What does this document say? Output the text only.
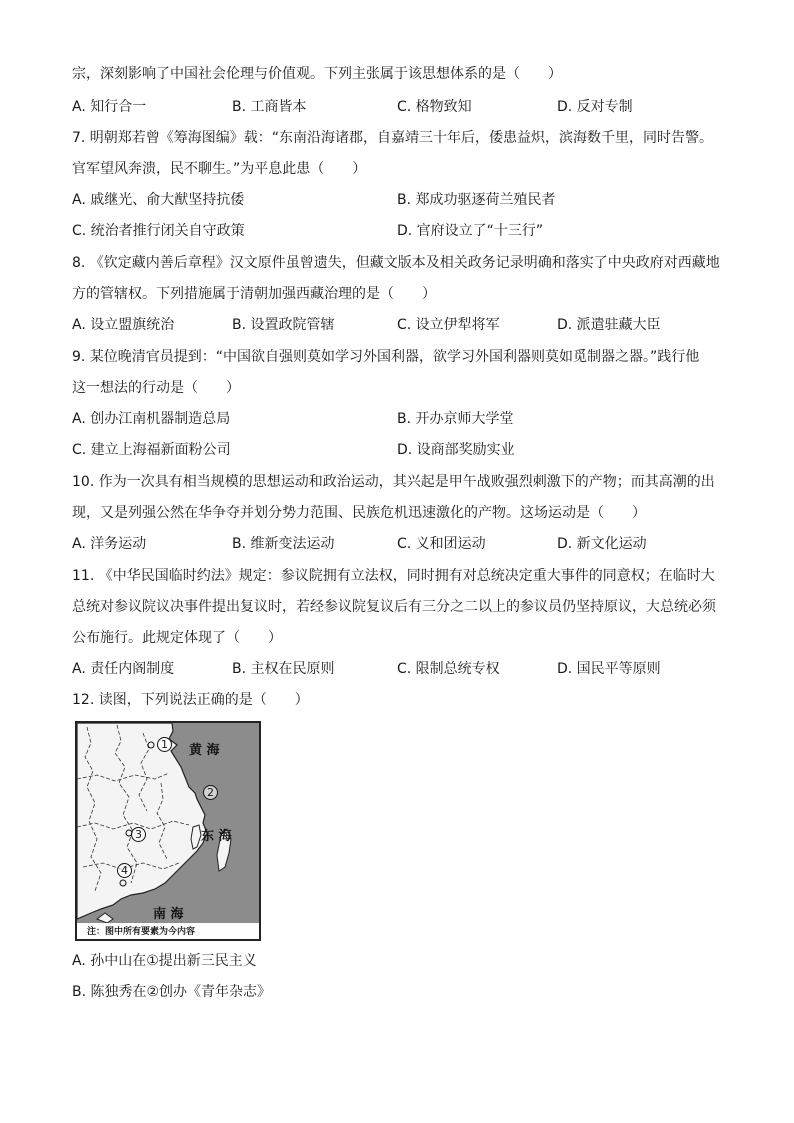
宗，深刻影响了中国社会伦理与价值观。下列主张属于该思想体系的是（　　）
A. 知行合一	B. 工商皆本	C. 格物致知	D. 反对专制
7. 明朝郑若曾《筹海图编》载：“东南沿海诸郡，自嘉靖三十年后，倭患益炽，滨海数千里，同时告警。
官军望风奔溃，民不聊生。”为平息此患（　　）
A. 戚继光、俞大猷坚持抗倭	B. 郑成功驱逐荷兰殖民者
C. 统治者推行闭关自守政策	D. 官府设立了“十三行”
8. 《钦定藏内善后章程》汉文原件虽曾遗失，但藏文版本及相关政务记录明确和落实了中央政府对西藏地
方的管辖权。下列措施属于清朝加强西藏治理的是（　　）
A. 设立盟旗统治	B. 设置政院管辖	C. 设立伊犁将军	D. 派遣驻藏大臣
9. 某位晚清官员提到：“中国欲自强则莫如学习外国利器，欲学习外国利器则莫如觅制器之器。”践行他
这一想法的行动是（　　）
A. 创办江南机器制造总局	B. 开办京师大学堂
C. 建立上海福新面粉公司	D. 设商部奖励实业
10. 作为一次具有相当规模的思想运动和政治运动，其兴起是甲午战败强烈刺激下的产物；而其高潮的出
现，又是列强公然在华争夺并划分势力范围、民族危机迅速激化的产物。这场运动是（　　）
A. 洋务运动	B. 维新变法运动	C. 义和团运动	D. 新文化运动
11. 《中华民国临时约法》规定：参议院拥有立法权，同时拥有对总统决定重大事件的同意权；在临时大
总统对参议院议决事件提出复议时，若经参议院复议后有三分之二以上的参议员仍坚持原议，大总统必须
公布施行。此规定体现了（　　）
A. 责任内阁制度	B. 主权在民原则	C. 限制总统专权	D. 国民平等原则
12. 读图，下列说法正确的是（　　）
黄 海
东 海
南 海
1
2
3
4
注：图中所有要素为今内容
A. 孙中山在①提出新三民主义
B. 陈独秀在②创办《青年杂志》
